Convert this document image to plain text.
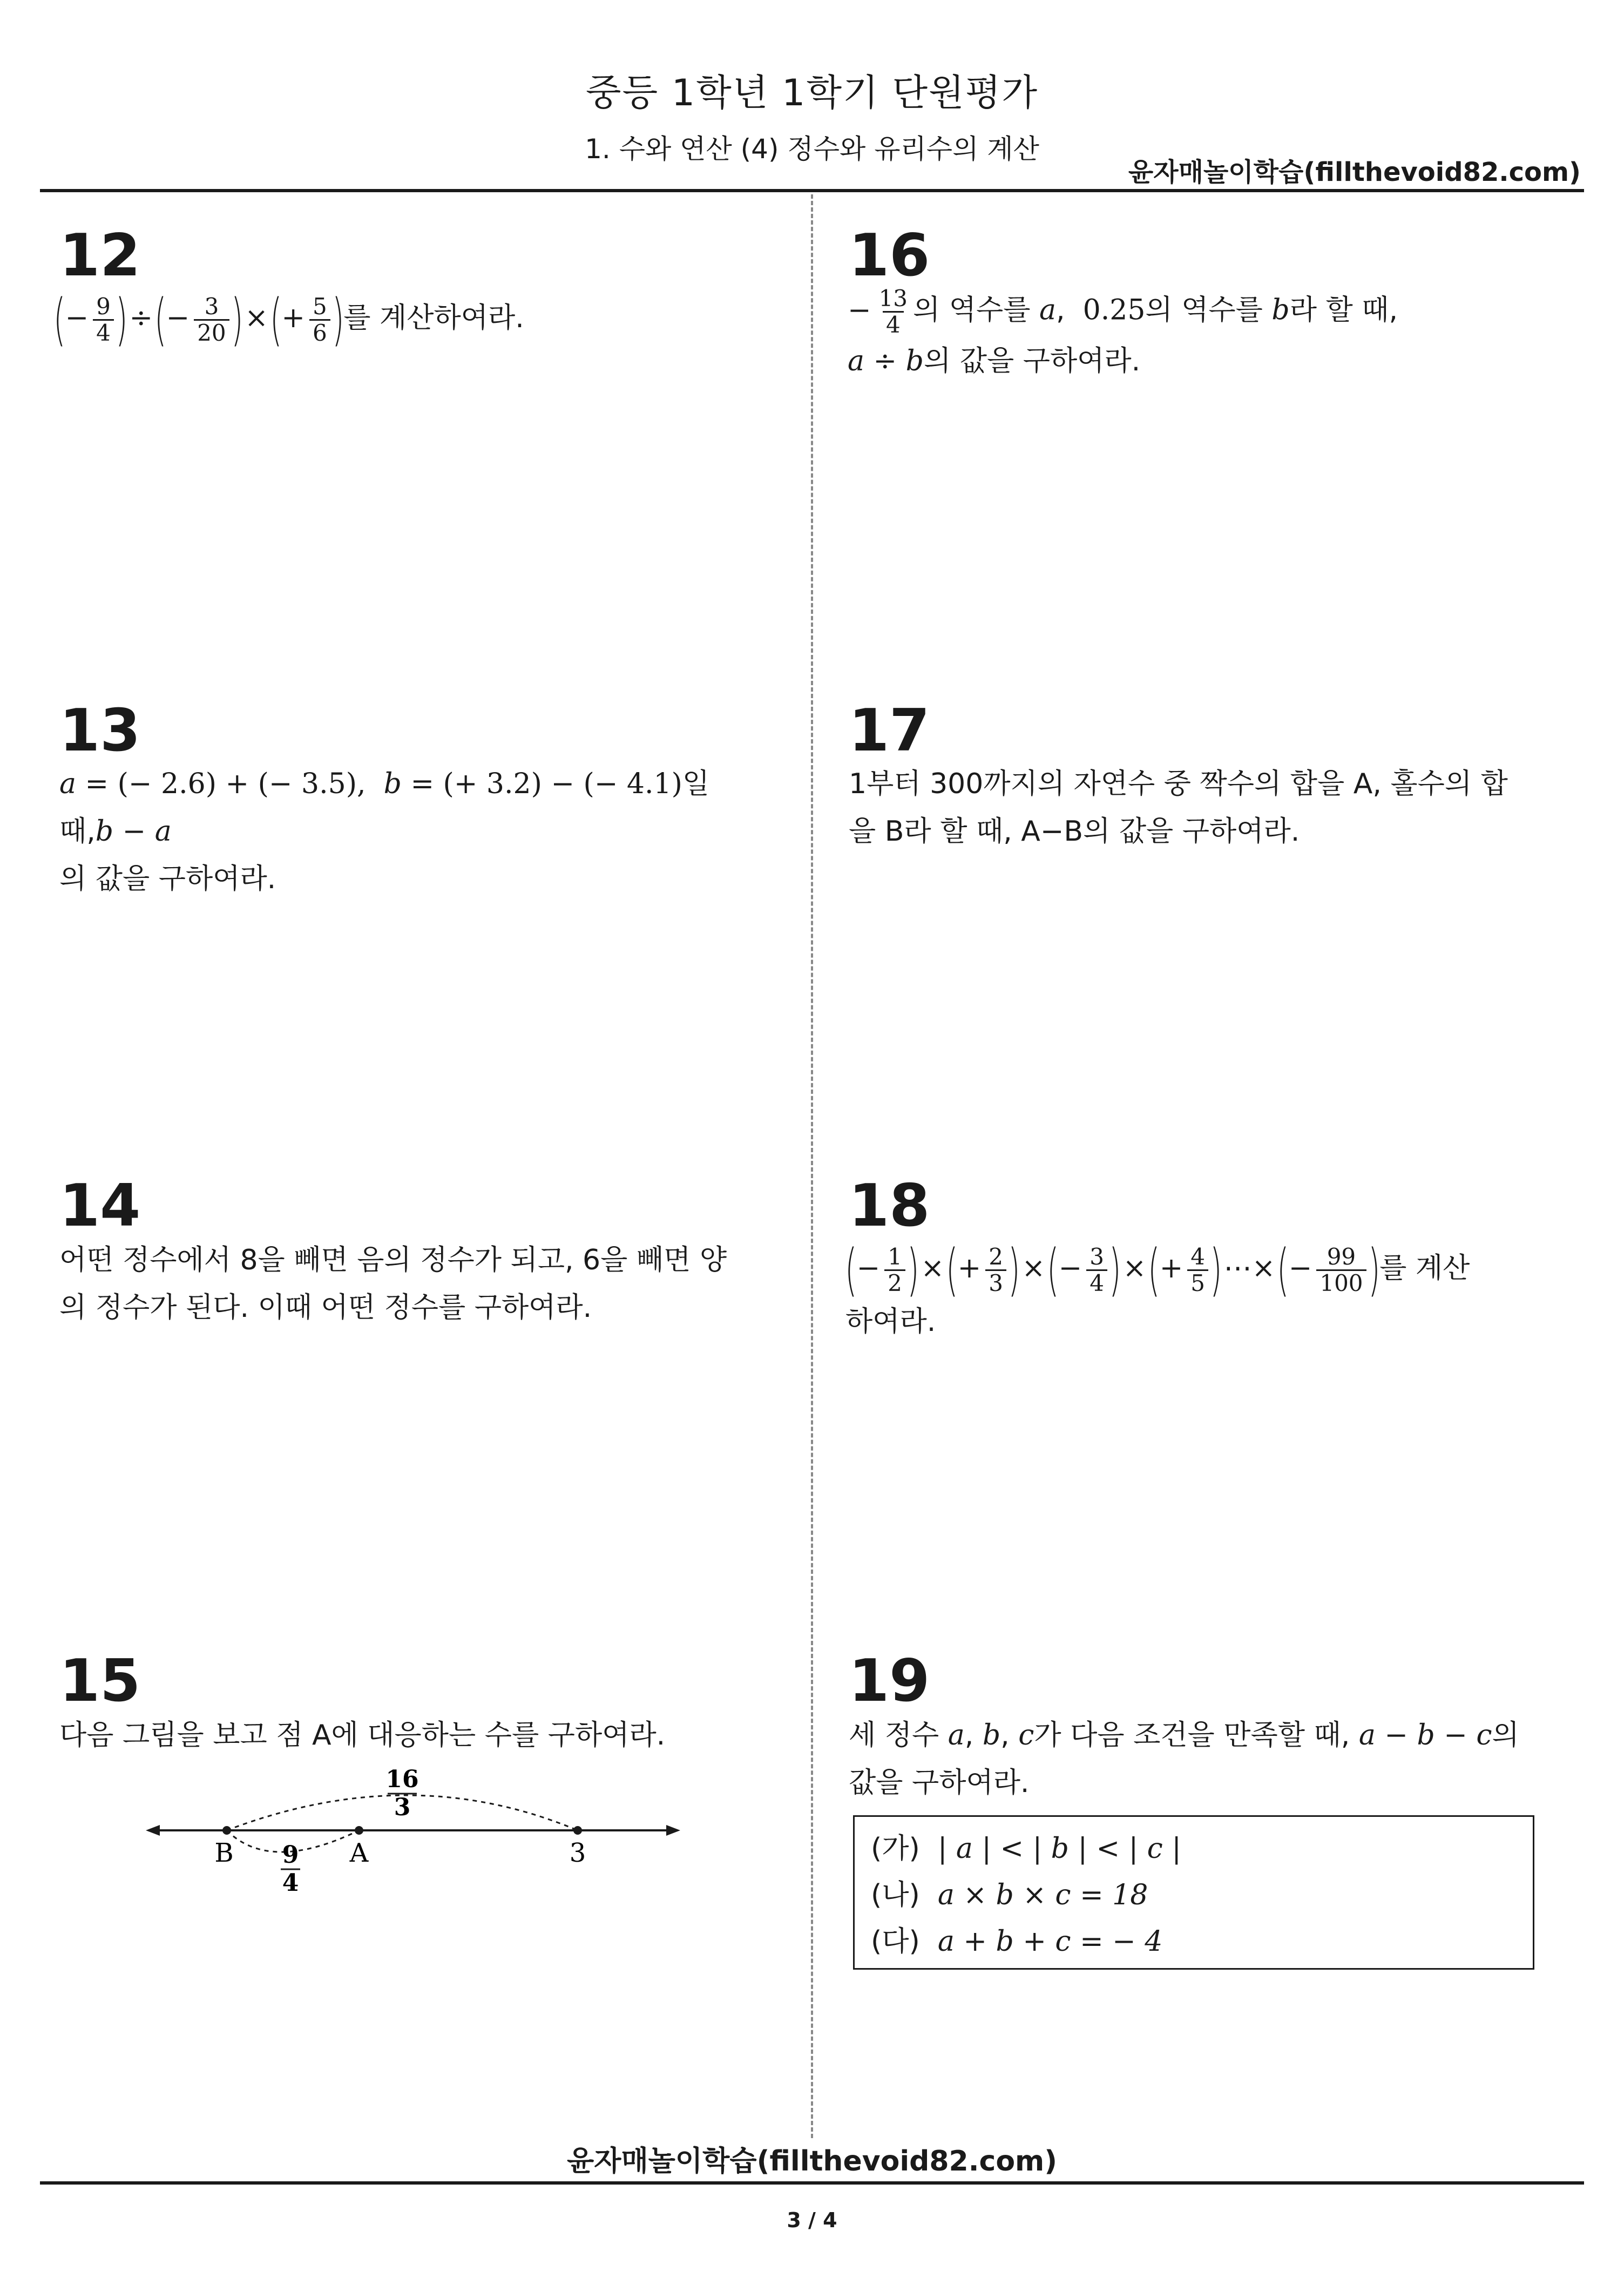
중등 1학년 1학기 단원평가
1. 수와 연산 (4) 정수와 유리수의 계산
윤자매놀이학습(fillthevoid82.com)
12
(− $\frac{9}{4}$ )÷(− $\frac{3}{20}$ )×(+ $\frac{5}{6}$ )를 계산하여라.
13
a = (− 2.6) + (− 3.5), b = (+ 3.2) − (− 4.1)일 때,b − a
의 값을 구하여라.
14
어떤 정수에서 8을 빼면 음의 정수가 되고, 6을 빼면 양
의 정수가 된다. 이때 어떤 정수를 구하여라.
15
다음 그림을 보고 점 A에 대응하는 수를 구하여라.
B	A	3
16
3
9
4
16
− $\frac{13}{4}$ 의 역수를 a,  0.25의 역수를 b라 할 때,
a ÷ b의 값을 구하여라.
17
1부터 300까지의 자연수 중 짝수의 합을 A, 홀수의 합
을 B라 할 때, A−B의 값을 구하여라.
18
(− $\frac{1}{2}$ )×(+ $\frac{2}{3}$ )×(− $\frac{3}{4}$ )×(+ $\frac{4}{5}$ )⋯×(− $\frac{99}{100}$ )를 계산
하여라.
19
세 정수 a, b, c가 다음 조건을 만족할 때, a − b − c의
값을 구하여라.
(가) | a | < | b | < | c |
(나) a × b × c = 18
(다) a + b + c = − 4
윤자매놀이학습(fillthevoid82.com)
3 / 4
